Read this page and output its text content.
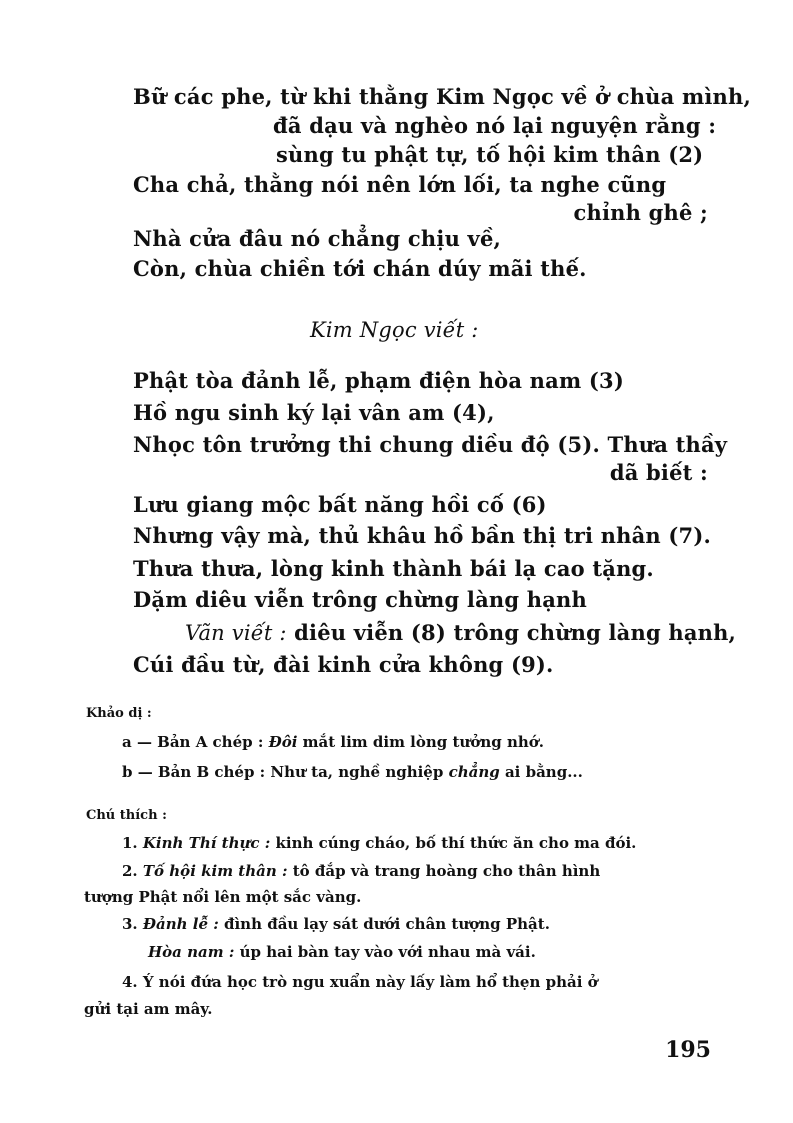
Bữ các phe, từ khi thằng Kim Ngọc về ở chùa mình,
đã dạu và nghèo nó lại nguyện rằng :
sùng tu phật tự, tố hội kim thân (2)
Cha chả, thằng nói nên lớn lối, ta nghe cũng
chỉnh ghê ;
Nhà cửa đâu nó chẳng chịu về,
Còn, chùa chiền tới chán dúy mãi thế.
Kim Ngọc viết :
Phật tòa đảnh lễ, phạm điện hòa nam (3)
Hồ ngu sinh ký lại vân am (4),
Nhọc tôn trưởng thi chung diều độ (5). Thưa thầy
dã biết :
Lưu giang mộc bất năng hồi cố (6)
Nhưng vậy mà, thủ khâu hồ bần thị tri nhân (7).
Thưa thưa, lòng kinh thành bái lạ cao tặng.
Dặm diêu viễn trông chừng làng hạnh
Vãn viết : diêu viễn (8) trông chừng làng hạnh,
Cúi đầu từ, đài kinh cửa không (9).
Khảo dị :
a — Bản A chép : Đôi mắt lim dim lòng tưởng nhớ.
b — Bản B chép : Như ta, nghề nghiệp chẳng ai bằng...
Chú thích :
1. Kinh Thí thực : kinh cúng cháo, bố thí thức ăn cho ma đói.
2. Tố hội kim thân : tô đắp và trang hoàng cho thân hình
tượng Phật nổi lên một sắc vàng.
3. Đảnh lễ : đình đầu lạy sát dưới chân tượng Phật.
Hòa nam : úp hai bàn tay vào với nhau mà vái.
4. Ý nói đứa học trò ngu xuẩn này lấy làm hổ thẹn phải ở
gửi tại am mây.
195
